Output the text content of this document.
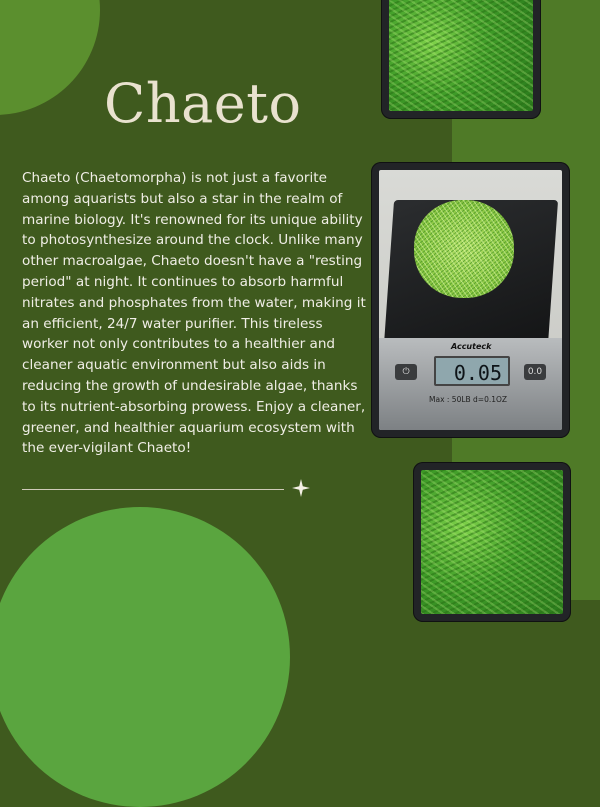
Chaeto
Chaeto (Chaetomorpha) is not just a favorite among aquarists but also a star in the realm of marine biology. It's renowned for its unique ability to photosynthesize around the clock. Unlike many other macroalgae, Chaeto doesn't have a "resting period" at night. It continues to absorb harmful nitrates and phosphates from the water, making it an efficient, 24/7 water purifier. This tireless worker not only contributes to a healthier and cleaner aquatic environment but also aids in reducing the growth of undesirable algae, thanks to its nutrient-absorbing prowess. Enjoy a cleaner, greener, and healthier aquarium ecosystem with the ever-vigilant Chaeto!
Accuteck
⏻	0.05	0.0
Max : 50LB d=0.1OZ
